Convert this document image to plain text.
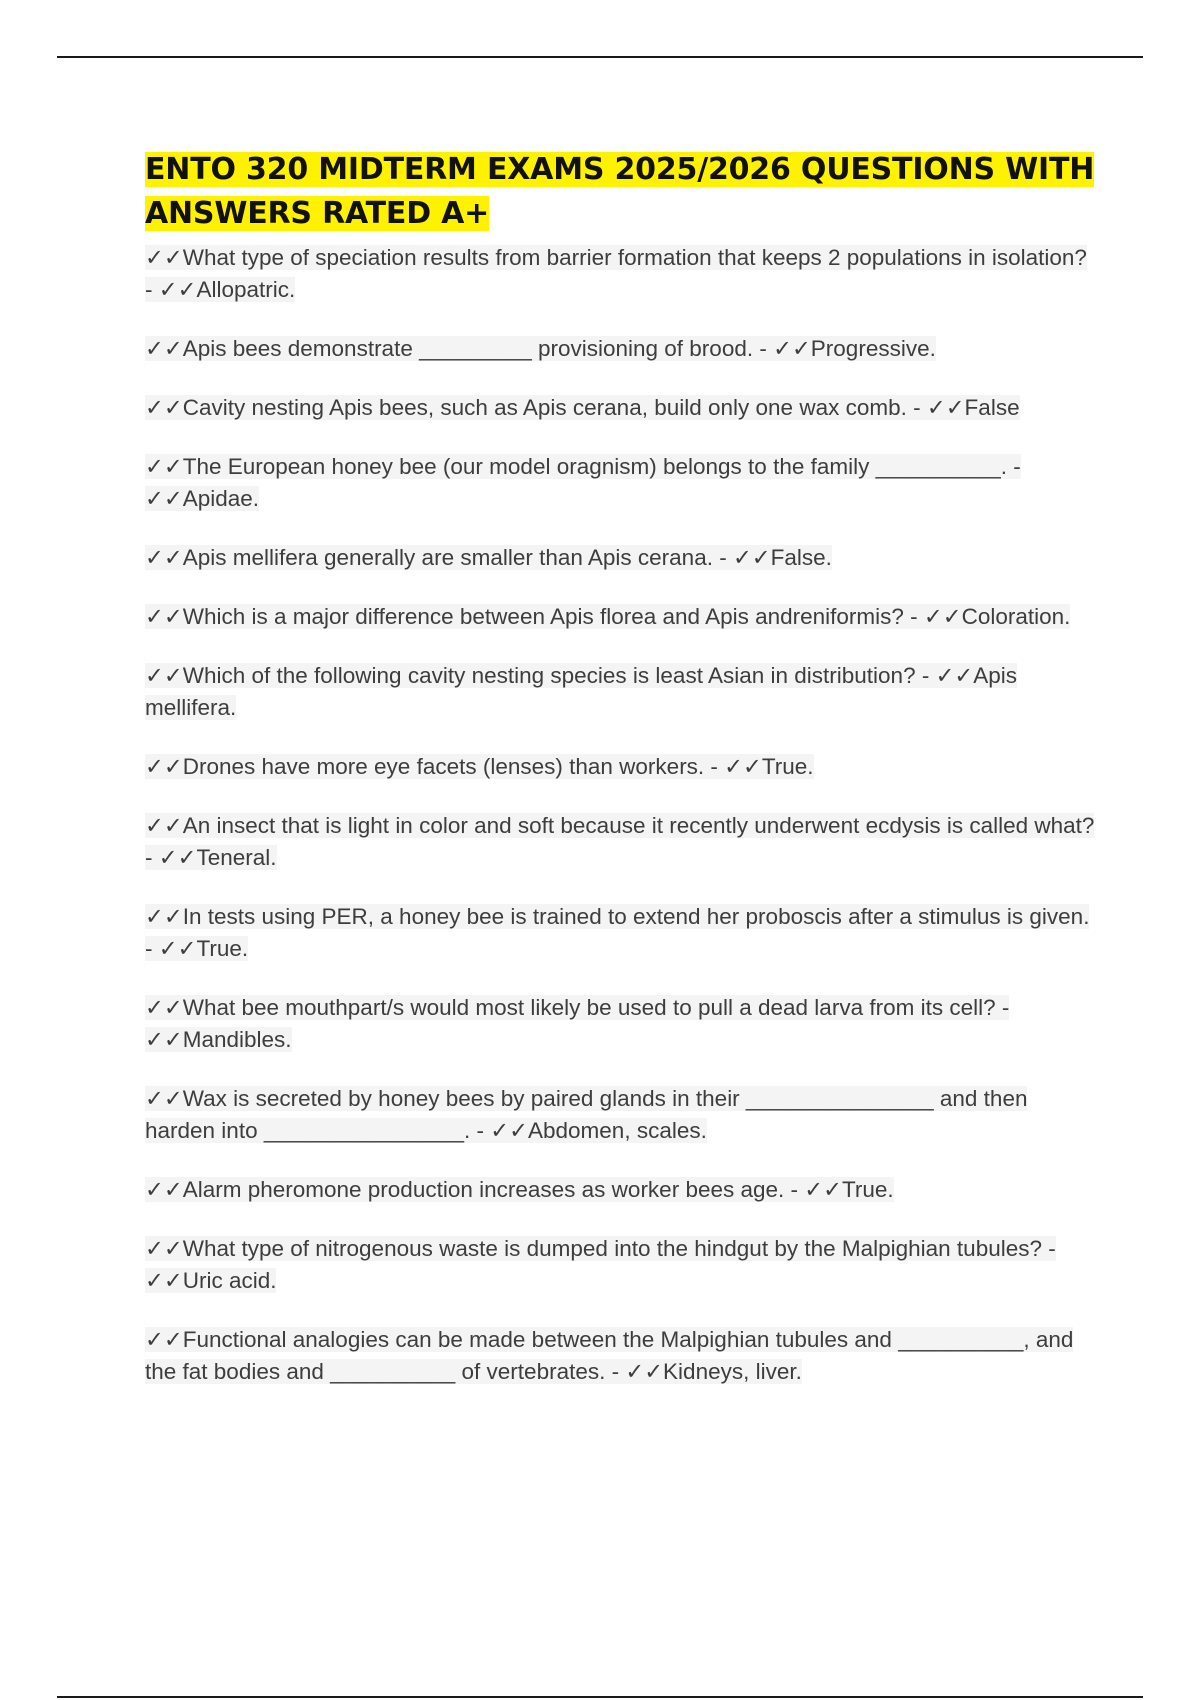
ENTO 320 MIDTERM EXAMS 2025/2026 QUESTIONS WITH ANSWERS RATED A+
✓✓What type of speciation results from barrier formation that keeps 2 populations in isolation? - ✓✓Allopatric.
✓✓Apis bees demonstrate _________ provisioning of brood. - ✓✓Progressive.
✓✓Cavity nesting Apis bees, such as Apis cerana, build only one wax comb. - ✓✓False
✓✓The European honey bee (our model oragnism) belongs to the family __________. - ✓✓Apidae.
✓✓Apis mellifera generally are smaller than Apis cerana. - ✓✓False.
✓✓Which is a major difference between Apis florea and Apis andreniformis? - ✓✓Coloration.
✓✓Which of the following cavity nesting species is least Asian in distribution? - ✓✓Apis mellifera.
✓✓Drones have more eye facets (lenses) than workers. - ✓✓True.
✓✓An insect that is light in color and soft because it recently underwent ecdysis is called what? - ✓✓Teneral.
✓✓In tests using PER, a honey bee is trained to extend her proboscis after a stimulus is given. - ✓✓True.
✓✓What bee mouthpart/s would most likely be used to pull a dead larva from its cell? - ✓✓Mandibles.
✓✓Wax is secreted by honey bees by paired glands in their _______________ and then harden into ________________. - ✓✓Abdomen, scales.
✓✓Alarm pheromone production increases as worker bees age. - ✓✓True.
✓✓What type of nitrogenous waste is dumped into the hindgut by the Malpighian tubules? - ✓✓Uric acid.
✓✓Functional analogies can be made between the Malpighian tubules and __________, and the fat bodies and __________ of vertebrates. - ✓✓Kidneys, liver.
